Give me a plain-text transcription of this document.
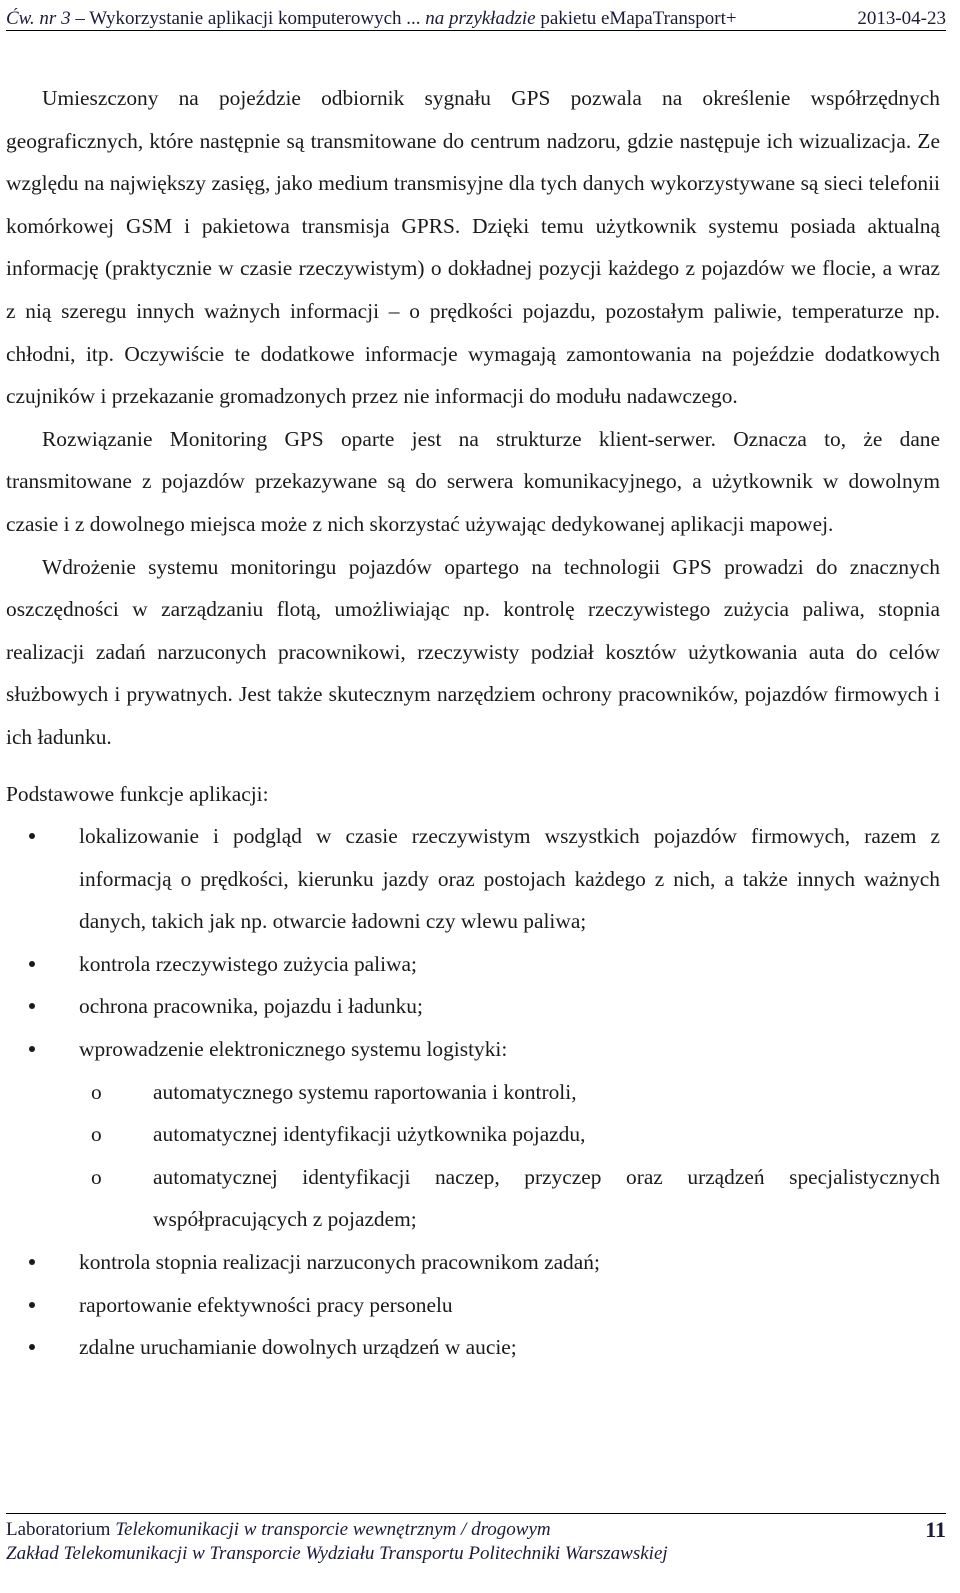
Ćw. nr 3 – Wykorzystanie aplikacji komputerowych ... na przykładzie pakietu eMapaTransport+	2013-04-23

Umieszczony na pojeździe odbiornik sygnału GPS pozwala na określenie współrzędnych geograficznych, które następnie są transmitowane do centrum nadzoru, gdzie następuje ich wizualizacja. Ze względu na największy zasięg, jako medium transmisyjne dla tych danych wykorzystywane są sieci telefonii komórkowej GSM i pakietowa transmisja GPRS. Dzięki temu użytkownik systemu posiada aktualną informację (praktycznie w czasie rzeczywistym) o dokładnej pozycji każdego z pojazdów we flocie, a wraz z nią szeregu innych ważnych informacji – o prędkości pojazdu, pozostałym paliwie, temperaturze np. chłodni, itp. Oczywiście te dodatkowe informacje wymagają zamontowania na pojeździe dodatkowych czujników i przekazanie gromadzonych przez nie informacji do modułu nadawczego.

Rozwiązanie Monitoring GPS oparte jest na strukturze klient-serwer. Oznacza to, że dane transmitowane z pojazdów przekazywane są do serwera komunikacyjnego, a użytkownik w dowolnym czasie i z dowolnego miejsca może z nich skorzystać używając dedykowanej aplikacji mapowej.

Wdrożenie systemu monitoringu pojazdów opartego na technologii GPS prowadzi do znacznych oszczędności w zarządzaniu flotą, umożliwiając np. kontrolę rzeczywistego zużycia paliwa, stopnia realizacji zadań narzuconych pracownikowi, rzeczywisty podział kosztów użytkowania auta do celów służbowych i prywatnych. Jest także skutecznym narzędziem ochrony pracowników, pojazdów firmowych i ich ładunku.

Podstawowe funkcje aplikacji:

lokalizowanie i podgląd w czasie rzeczywistym wszystkich pojazdów firmowych, razem z informacją o prędkości, kierunku jazdy oraz postojach każdego z nich, a także innych ważnych danych, takich jak np. otwarcie ładowni czy wlewu paliwa;
kontrola rzeczywistego zużycia paliwa;
ochrona pracownika, pojazdu i ładunku;
wprowadzenie elektronicznego systemu logistyki:
o automatycznego systemu raportowania i kontroli,
o automatycznej identyfikacji użytkownika pojazdu,
o automatycznej identyfikacji naczep, przyczep oraz urządzeń specjalistycznych współpracujących z pojazdem;
kontrola stopnia realizacji narzuconych pracownikom zadań;
raportowanie efektywności pracy personelu
zdalne uruchamianie dowolnych urządzeń w aucie;
Laboratorium Telekomunikacji w transporcie wewnętrznym / drogowym	11
Zakład Telekomunikacji w Transporcie Wydziału Transportu Politechniki Warszawskiej
